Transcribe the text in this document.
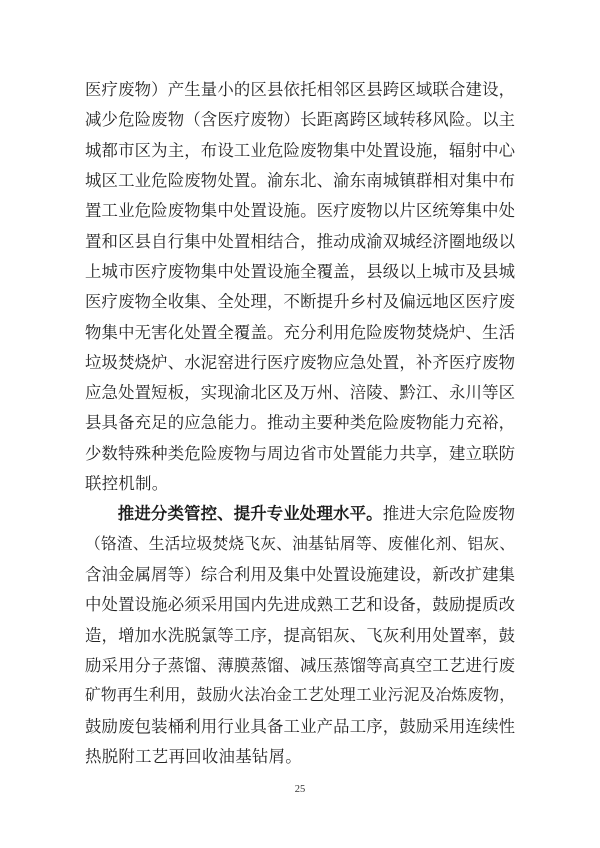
医疗废物）产生量小的区县依托相邻区县跨区域联合建设，
减少危险废物（含医疗废物）长距离跨区域转移风险。以主
城都市区为主，布设工业危险废物集中处置设施，辐射中心
城区工业危险废物处置。渝东北、渝东南城镇群相对集中布
置工业危险废物集中处置设施。医疗废物以片区统筹集中处
置和区县自行集中处置相结合，推动成渝双城经济圈地级以
上城市医疗废物集中处置设施全覆盖，县级以上城市及县城
医疗废物全收集、全处理，不断提升乡村及偏远地区医疗废
物集中无害化处置全覆盖。充分利用危险废物焚烧炉、生活
垃圾焚烧炉、水泥窑进行医疗废物应急处置，补齐医疗废物
应急处置短板，实现渝北区及万州、涪陵、黔江、永川等区
县具备充足的应急能力。推动主要种类危险废物能力充裕，
少数特殊种类危险废物与周边省市处置能力共享，建立联防
联控机制。
推进分类管控、提升专业处理水平。推进大宗危险废物
（铬渣、生活垃圾焚烧飞灰、油基钻屑等、废催化剂、铝灰、
含油金属屑等）综合利用及集中处置设施建设，新改扩建集
中处置设施必须采用国内先进成熟工艺和设备，鼓励提质改
造，增加水洗脱氯等工序，提高铝灰、飞灰利用处置率，鼓
励采用分子蒸馏、薄膜蒸馏、减压蒸馏等高真空工艺进行废
矿物再生利用，鼓励火法冶金工艺处理工业污泥及冶炼废物，
鼓励废包装桶利用行业具备工业产品工序，鼓励采用连续性
热脱附工艺再回收油基钻屑。
25
